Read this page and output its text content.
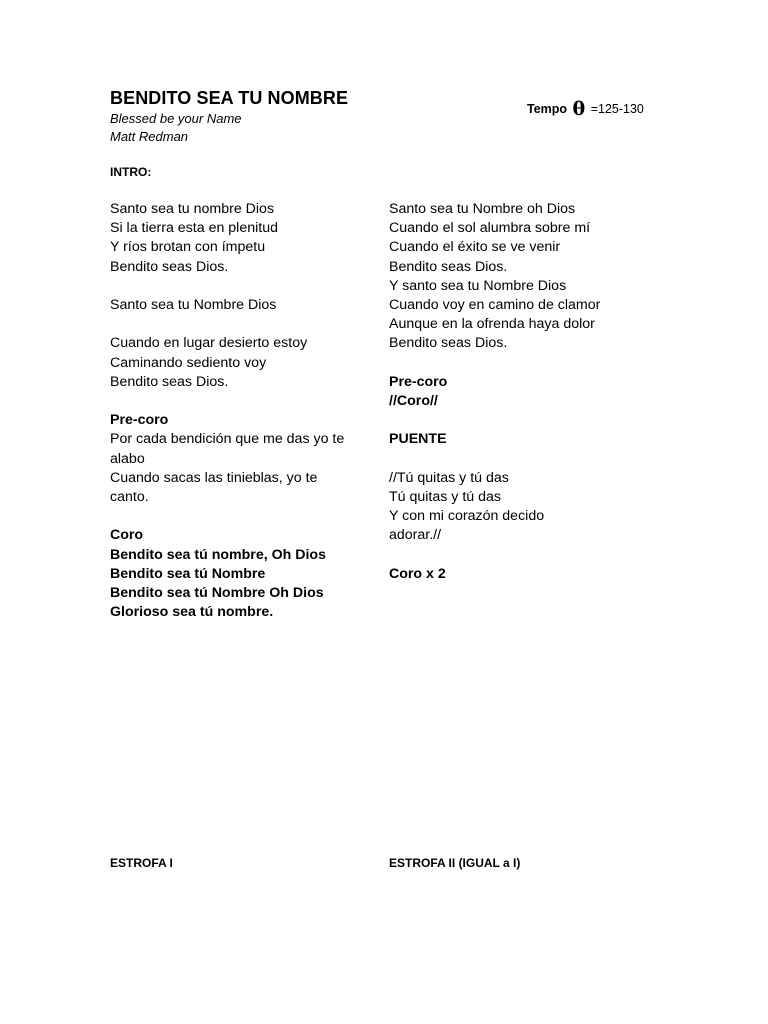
BENDITO SEA TU NOMBRE
Blessed be your Name
Matt Redman
Tempo θ =125-130
INTRO:
Santo sea tu nombre Dios
Si la tierra esta en plenitud
Y ríos brotan con ímpetu
Bendito seas Dios.
Santo sea tu Nombre Dios
Cuando en lugar desierto estoy
Caminando sediento voy
Bendito seas Dios.
Pre-coro
Por cada bendición que me das yo te
alabo
Cuando sacas las tinieblas, yo te
canto.
Coro
Bendito sea tú nombre, Oh Dios
Bendito sea tú Nombre
Bendito sea tú Nombre Oh Dios
Glorioso sea tú nombre.
Santo sea tu Nombre oh Dios
Cuando el sol alumbra sobre mí
Cuando el éxito se ve venir
Bendito seas Dios.
Y santo sea tu Nombre Dios
Cuando voy en camino de clamor
Aunque en la ofrenda haya dolor
Bendito seas Dios.
Pre-coro
//Coro//
PUENTE
//Tú quitas y tú das
Tú quitas y tú das
Y con mi corazón decido
adorar.//
Coro x 2
ESTROFA I	ESTROFA II (IGUAL a I)
